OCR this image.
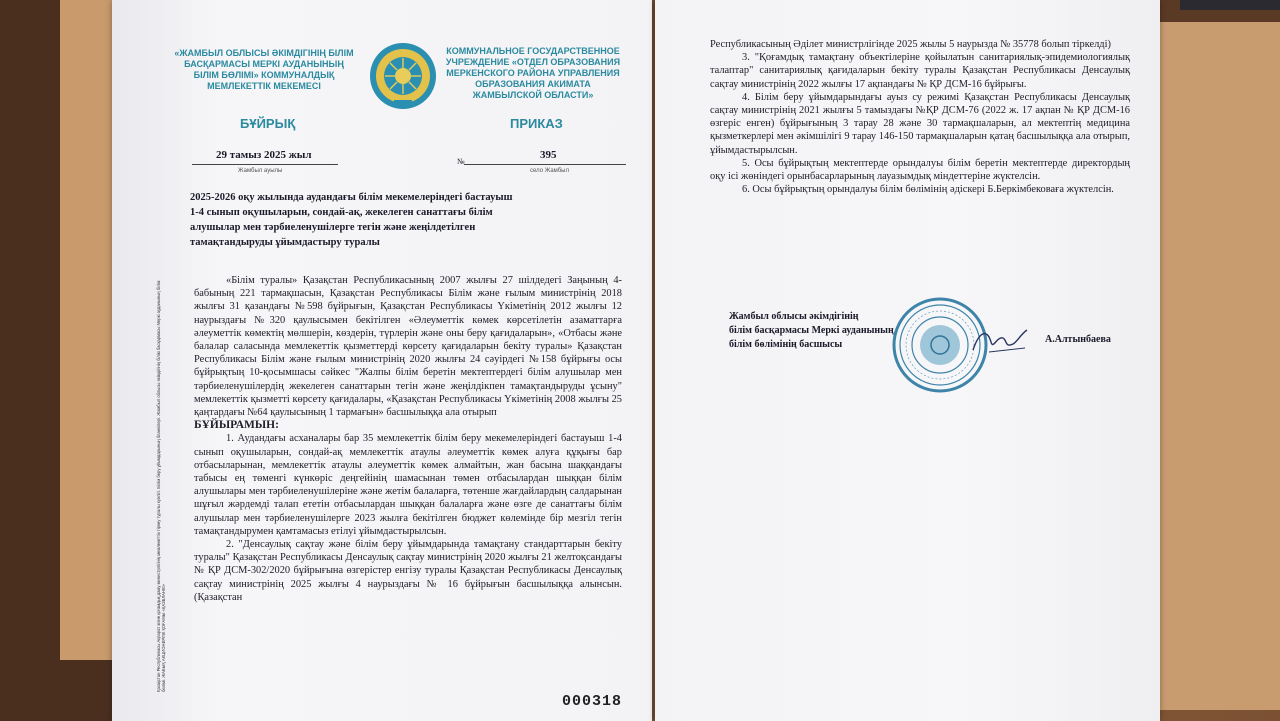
«ЖАМБЫЛ ОБЛЫСЫ ӘКІМДІГІНІҢ БІЛІМ БАСҚАРМАСЫ МЕРКІ АУДАНЫНЫҢ БІЛІМ БӨЛІМІ» КОММУНАЛДЫҚ МЕМЛЕКЕТТІК МЕКЕМЕСІ
КОММУНАЛЬНОЕ ГОСУДАРСТВЕННОЕ УЧРЕЖДЕНИЕ «ОТДЕЛ ОБРАЗОВАНИЯ МЕРКЕНСКОГО РАЙОНА УПРАВЛЕНИЯ ОБРАЗОВАНИЯ АКИМАТА ЖАМБЫЛСКОЙ ОБЛАСТИ»
БҰЙРЫҚ	ПРИКАЗ
29 тамыз 2025 жыл
Жамбыл ауылы
№
395
село Жамбыл
2025-2026 оқу жылында аудандағы білім мекемелеріндегі бастауыш 1-4 сынып оқушыларын, сондай-ақ, жекелеген санаттағы білім алушылар мен тәрбиеленушілерге тегін және жеңілдетілген тамақтандыруды ұйымдастыру туралы
Қазақстан Республикасы Ақпарат және қоғамдық даму министрлігінің мемлекеттік тіркеу туралы куәлігі. Білім беру ұйымдарының бланкілері. Жамбыл облысы әкімдігінің білім басқармасы Меркі ауданының білім бөлімі. ЖАБЫҚ АКЦИОНЕРЛІК ҚОҒАМЫ «ҚАЗБЛАНКІ»

«Білім туралы» Қазақстан Республикасының 2007 жылғы 27 шілдедегі Заңының 4-бабының 221 тармақшасын, Қазақстан Республикасы Білім және ғылым министрінің 2018 жылғы 31 қазандағы №598 бұйрығын, Қазақстан Республикасы Үкіметінің 2012 жылғы 12 наурыздағы №320 қаулысымен бекітілген «Әлеуметтік көмек көрсетілетін азаматтарға әлеуметтік көмектің мөлшерін, көздерін, түрлерін және оны беру қағидаларын», «Отбасы және балалар саласында мемлекеттік қызметтерді көрсету қағидаларын бекіту туралы» Қазақстан Республикасы Білім және ғылым министрінің 2020 жылғы 24 сәуірдегі №158 бұйрығы осы бұйрықтың 10-қосымшасы сәйкес "Жалпы білім беретін мектептердегі білім алушылар мен тәрбиеленушілердің жекелеген санаттарын тегін және жеңілдікпен тамақтандыруды ұсыну" мемлекеттік қызметті көрсету қағидалары, «Қазақстан Республикасы Үкіметінің 2008 жылғы 25 қаңтардағы №64 қаулысының 1 тармағын» басшылыққа ала отырып

БҰЙЫРАМЫН:

1. Аудандағы асханалары бар 35 мемлекеттік білім беру мекемелеріндегі бастауыш 1-4 сынып оқушыларын, сондай-ақ мемлекеттік атаулы әлеуметтік көмек алуға құқығы бар отбасыларынан, мемлекеттік атаулы әлеуметтік көмек алмайтын, жан басына шаққандағы табысы ең төменгі күнкөріс деңгейінің шамасынан төмен отбасылардан шыққан білім алушылары мен тәрбиеленушілеріне және жетім балаларға, төтенше жағдайлардың салдарынан шұғыл жәрдемді талап ететін отбасылардан шыққан балаларға және өзге де санаттағы білім алушылар мен тәрбиеленушілерге 2023 жылға бекітілген бюджет көлемінде бір мезгіл тегін тамақтандырумен қамтамасыз етілуі ұйымдастырылсын.

2. "Денсаулық сақтау және білім беру ұйымдарында тамақтану стандарттарын бекіту туралы" Қазақстан Республикасы Денсаулық сақтау министрінің 2020 жылғы 21 желтоқсандағы № ҚР ДСМ-302/2020 бұйрығына өзгерістер енгізу туралы Қазақстан Республикасы Денсаулық сақтау министрінің 2025 жылғы 4 наурыздағы № 16 бұйрығын басшылыққа алынсын. (Қазақстан

000318

Республикасының Әділет министрлігінде 2025 жылы 5 наурызда № 35778 болып тіркелді)

3. "Қоғамдық тамақтану объектілеріне қойылатын санитариялық-эпидемиологиялық талаптар" санитариялық қағидаларын бекіту туралы Қазақстан Республикасы Денсаулық сақтау министрінің 2022 жылғы 17 ақпандағы № ҚР ДСМ-16 бұйрығы.

4. Білім беру ұйымдарындағы ауыз су режимі Қазақстан Республикасы Денсаулық сақтау министрінің 2021 жылғы 5 тамыздағы №ҚР ДСМ-76 (2022 ж. 17 ақпан № ҚР ДСМ-16 өзгеріс енген) бұйрығының 3 тарау 28 және 30 тармақшаларын, ал мектептің медицина қызметкерлері мен әкімшілігі 9 тарау 146-150 тармақшаларын қатаң басшылыққа ала отырып, ұйымдастырылсын.

5. Осы бұйрықтың мектептерде орындалуы білім беретін мектептерде директордың оқу ісі жөніндегі орынбасарларының лауазымдық міндеттеріне жүктелсін.

6. Осы бұйрықтың орындалуы білім бөлімінің әдіскері Б.Беркімбековаға жүктелсін.

Жамбыл облысы әкімдігінің
білім басқармасы Меркі ауданының
білім бөлімінің басшысы	А.Алтынбаева
